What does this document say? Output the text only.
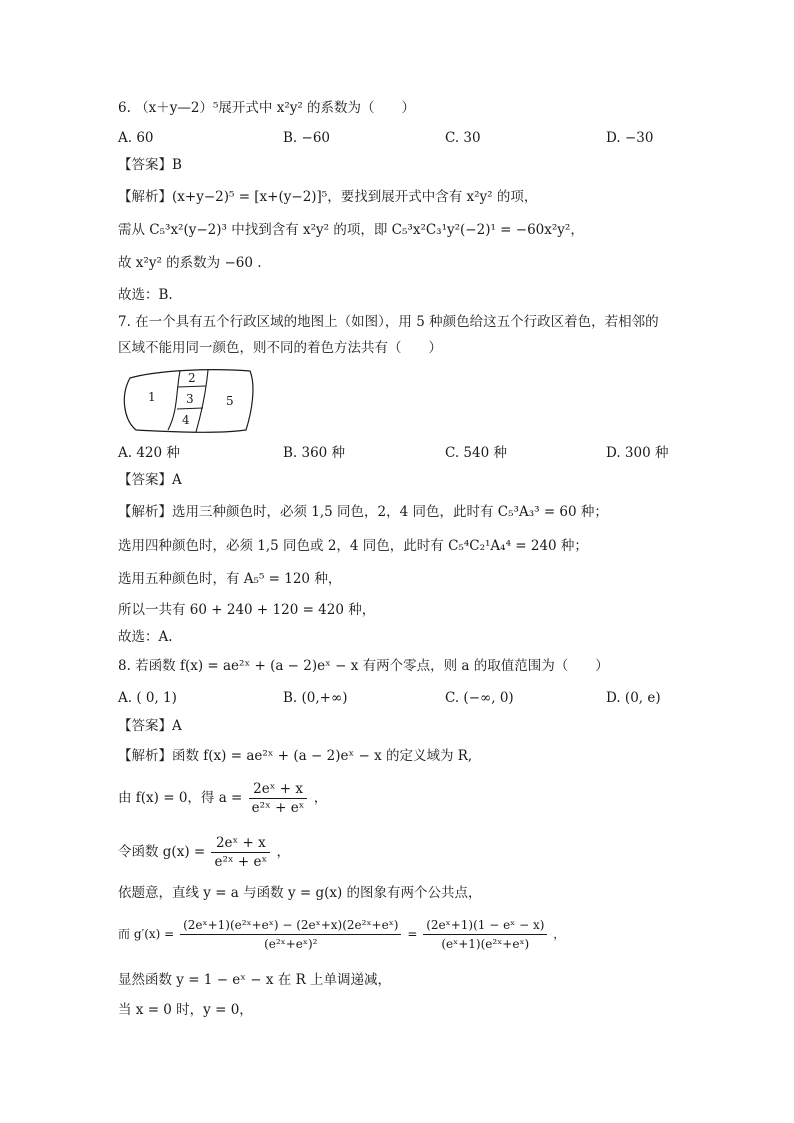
6. （x＋y—2）⁵展开式中 x²y² 的系数为（　　）
A. 60	B. −60	C. 30	D. −30
【答案】B
【解析】(x+y−2)⁵ = [x+(y−2)]⁵，要找到展开式中含有 x²y² 的项，
需从 C₅³x²(y−2)³ 中找到含有 x²y² 的项，即 C₅³x²C₃¹y²(−2)¹ = −60x²y²，
故 x²y² 的系数为 −60 .
故选：B.
7. 在一个具有五个行政区域的地图上（如图），用 5 种颜色给这五个行政区着色，若相邻的
区域不能用同一颜色，则不同的着色方法共有（　　）
1
2
3
4
5
A. 420 种	B. 360 种	C. 540 种	D. 300 种
【答案】A
【解析】选用三种颜色时，必须 1,5 同色，2，4 同色，此时有 C₅³A₃³ = 60 种；
选用四种颜色时，必须 1,5 同色或 2，4 同色，此时有 C₅⁴C₂¹A₄⁴ = 240 种；
选用五种颜色时，有 A₅⁵ = 120 种，
所以一共有 60 + 240 + 120 = 420 种，
故选：A.
8. 若函数 f(x) = ae²ˣ + (a − 2)eˣ − x 有两个零点，则 a 的取值范围为（　　）
A. ( 0, 1)	B. (0,+∞)	C. (−∞, 0)	D. (0, e)
【答案】A
【解析】函数 f(x) = ae²ˣ + (a − 2)eˣ − x 的定义域为 R,
由 f(x) = 0，得 $a = \frac{\text{2eˣ + x}}{\text{e²ˣ + eˣ}}$ ，
令函数 $g(x) = \frac{\text{2eˣ + x}}{\text{e²ˣ + eˣ}}$ ，
依题意，直线 y = a 与函数 y = g(x) 的图象有两个公共点，
而 $g'(x) = \frac{\text{(2eˣ+1)(e²ˣ+eˣ) − (2eˣ+x)(2e²ˣ+eˣ)}}{\text{(e²ˣ+eˣ)²}} = \frac{\text{(2eˣ+1)(1 − eˣ − x)}}{\text{(eˣ+1)(e²ˣ+eˣ)}}$ ，
显然函数 y = 1 − eˣ − x 在 R 上单调递减，
当 x = 0 时，y = 0，
